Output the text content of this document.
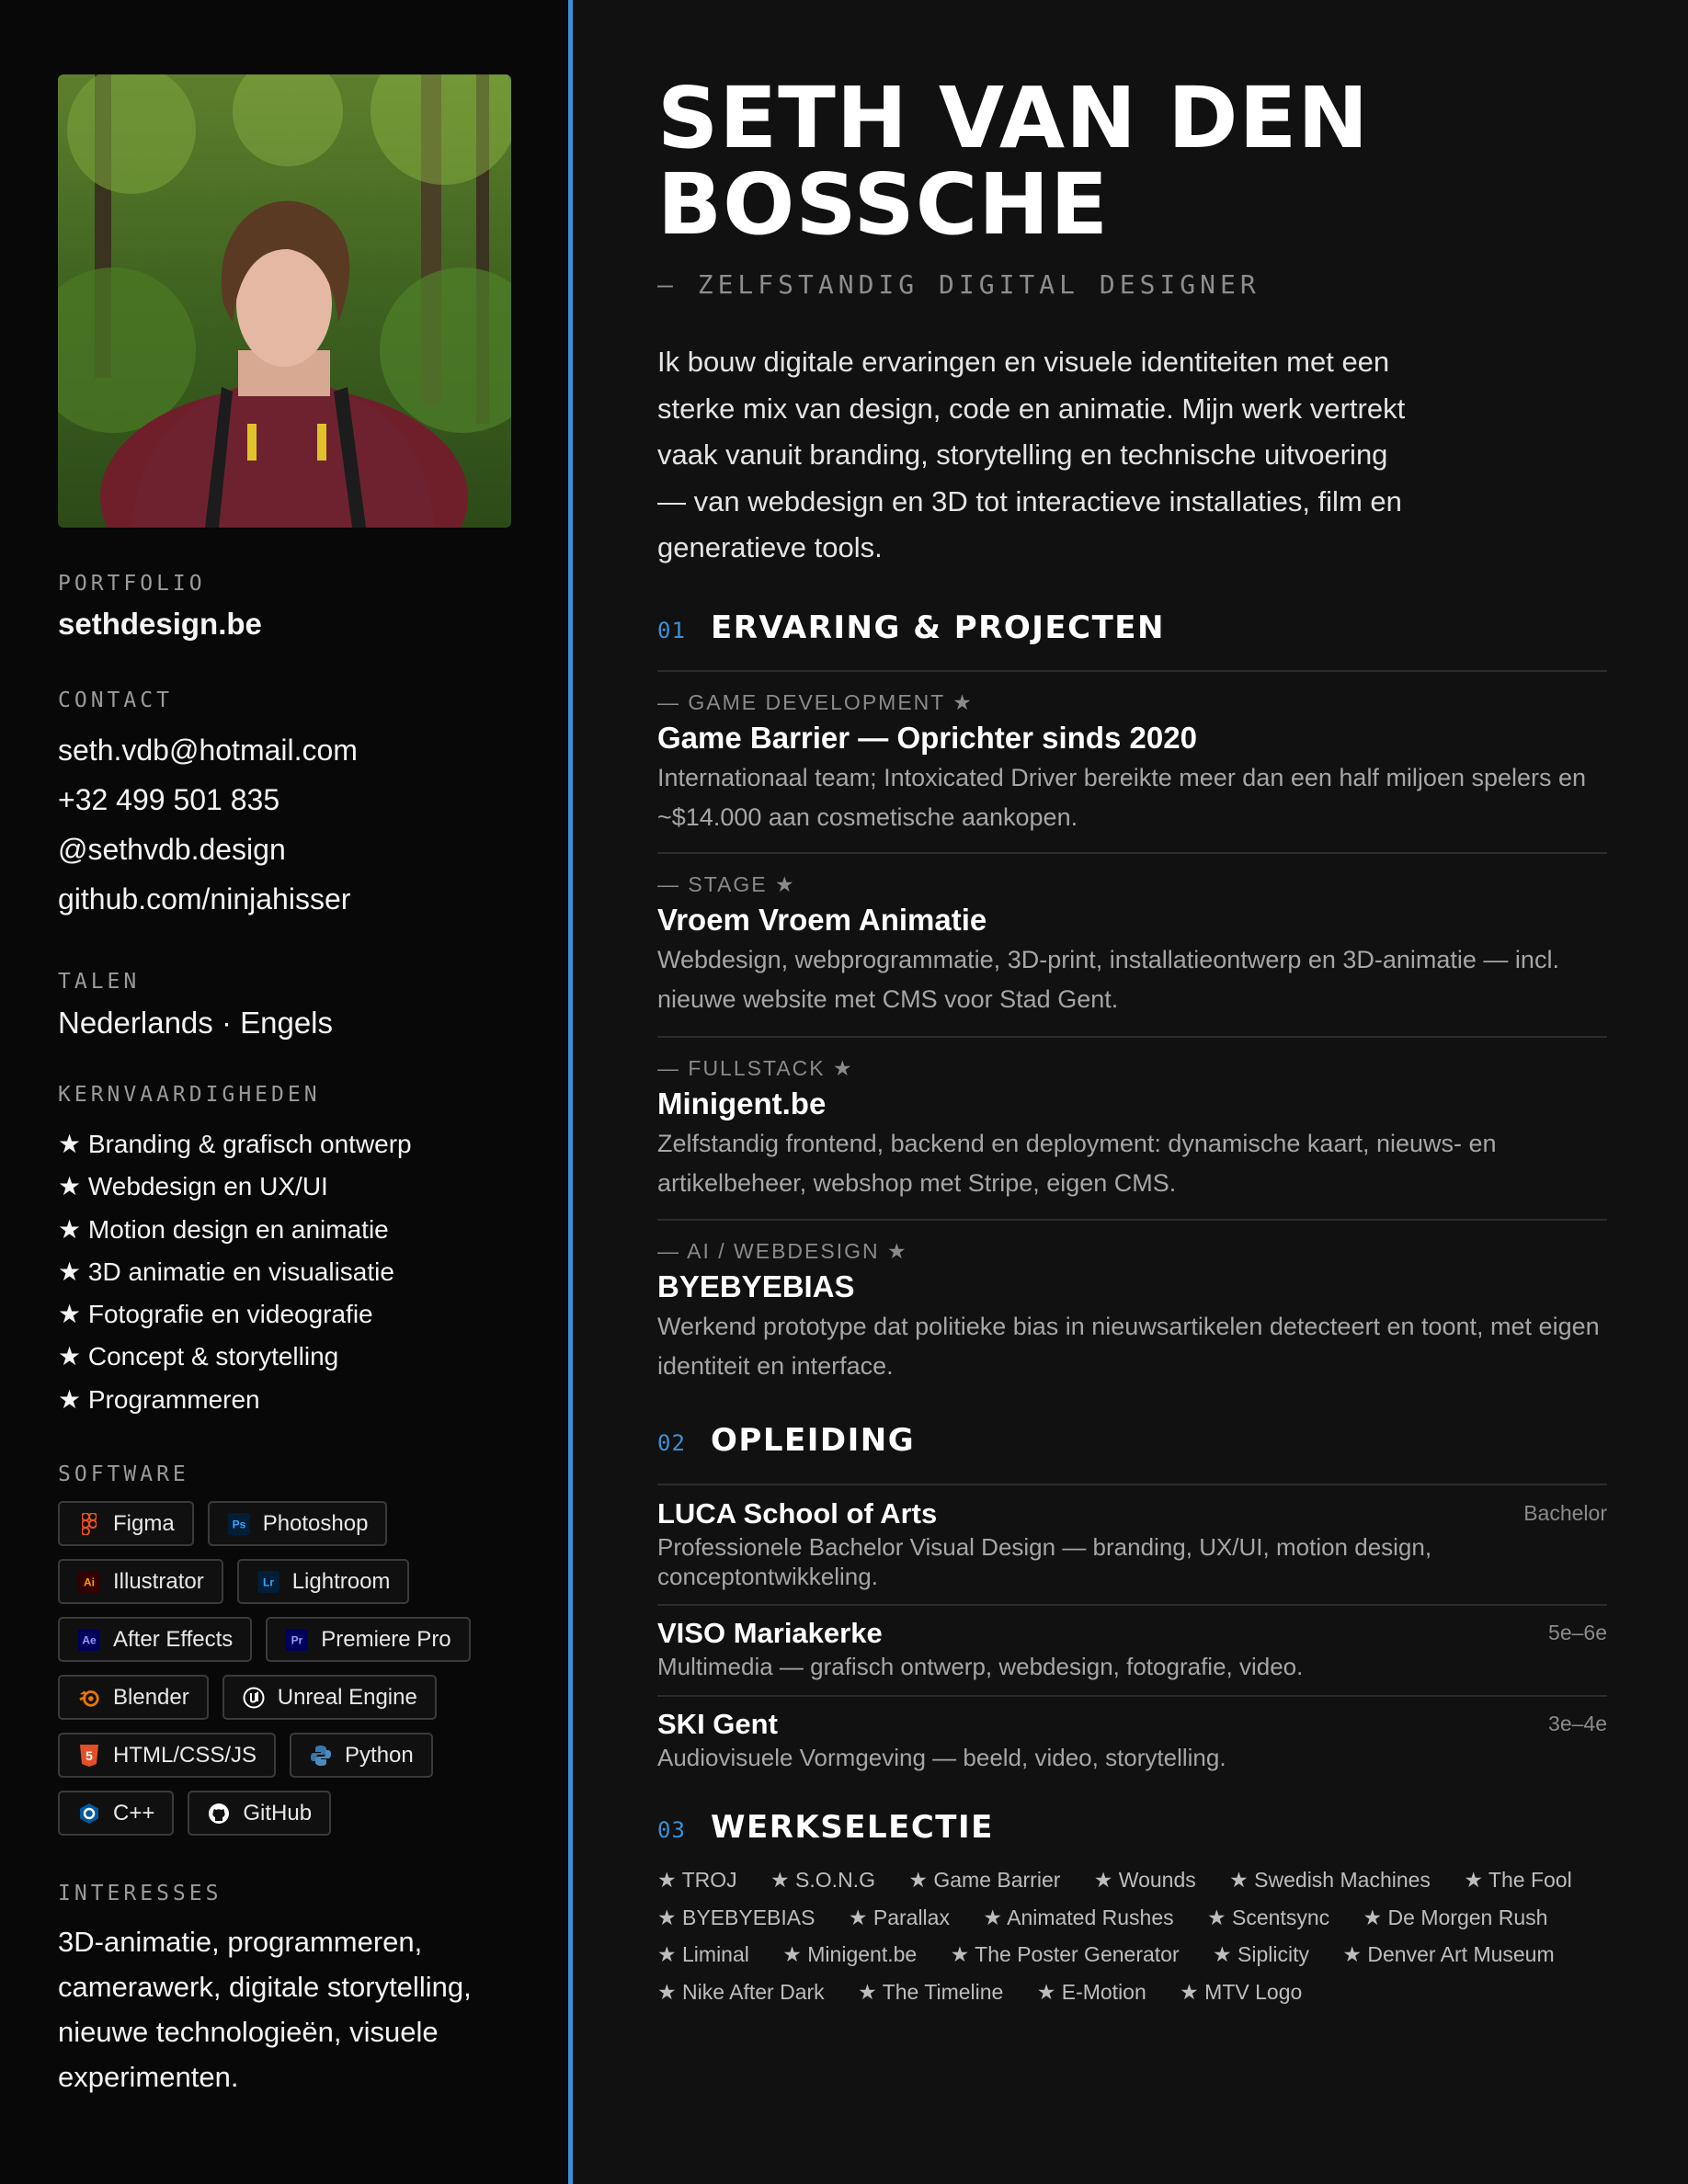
PORTFOLIO
sethdesign.be
CONTACT
seth.vdb@hotmail.com
+32 499 501 835
@sethvdb.design
github.com/ninjahisser
TALEN
Nederlands · Engels
KERNVAARDIGHEDEN
★ Branding & grafisch ontwerp
★ Webdesign en UX/UI
★ Motion design en animatie
★ 3D animatie en visualisatie
★ Fotografie en videografie
★ Concept & storytelling
★ Programmeren
SOFTWARE
Figma	Ps Photoshop
Ai Illustrator	Lr Lightroom
Ae After Effects	Pr Premiere Pro
Blender	Unreal Engine
5 HTML/CSS/JS	Python
C++	GitHub
INTERESSES
3D-animatie, programmeren, camerawerk, digitale storytelling, nieuwe technologieën, visuele experimenten.
SETH VAN DEN
BOSSCHE
— ZELFSTANDIG DIGITAL DESIGNER
Ik bouw digitale ervaringen en visuele identiteiten met een sterke mix van design, code en animatie. Mijn werk vertrekt vaak vanuit branding, storytelling en technische uitvoering — van webdesign en 3D tot interactieve installaties, film en generatieve tools.
01 ERVARING & PROJECTEN
— GAME DEVELOPMENT ★
Game Barrier — Oprichter sinds 2020
Internationaal team; Intoxicated Driver bereikte meer dan een half miljoen spelers en ~$14.000 aan cosmetische aankopen.
— STAGE ★
Vroem Vroem Animatie
Webdesign, webprogrammatie, 3D-print, installatieontwerp en 3D-animatie — incl. nieuwe website met CMS voor Stad Gent.
— FULLSTACK ★
Minigent.be
Zelfstandig frontend, backend en deployment: dynamische kaart, nieuws- en artikelbeheer, webshop met Stripe, eigen CMS.
— AI / WEBDESIGN ★
BYEBYEBIAS
Werkend prototype dat politieke bias in nieuwsartikelen detecteert en toont, met eigen identiteit en interface.
02 OPLEIDING
LUCA School of Arts	Bachelor
Professionele Bachelor Visual Design — branding, UX/UI, motion design, conceptontwikkeling.
VISO Mariakerke	5e–6e
Multimedia — grafisch ontwerp, webdesign, fotografie, video.
SKI Gent	3e–4e
Audiovisuele Vormgeving — beeld, video, storytelling.
03 WERKSELECTIE
★ TROJ ★ S.O.N.G ★ Game Barrier ★ Wounds ★ Swedish Machines ★ The Fool
★ BYEBYEBIAS ★ Parallax ★ Animated Rushes ★ Scentsync ★ De Morgen Rush
★ Liminal ★ Minigent.be ★ The Poster Generator ★ Siplicity ★ Denver Art Museum
★ Nike After Dark ★ The Timeline ★ E-Motion ★ MTV Logo
